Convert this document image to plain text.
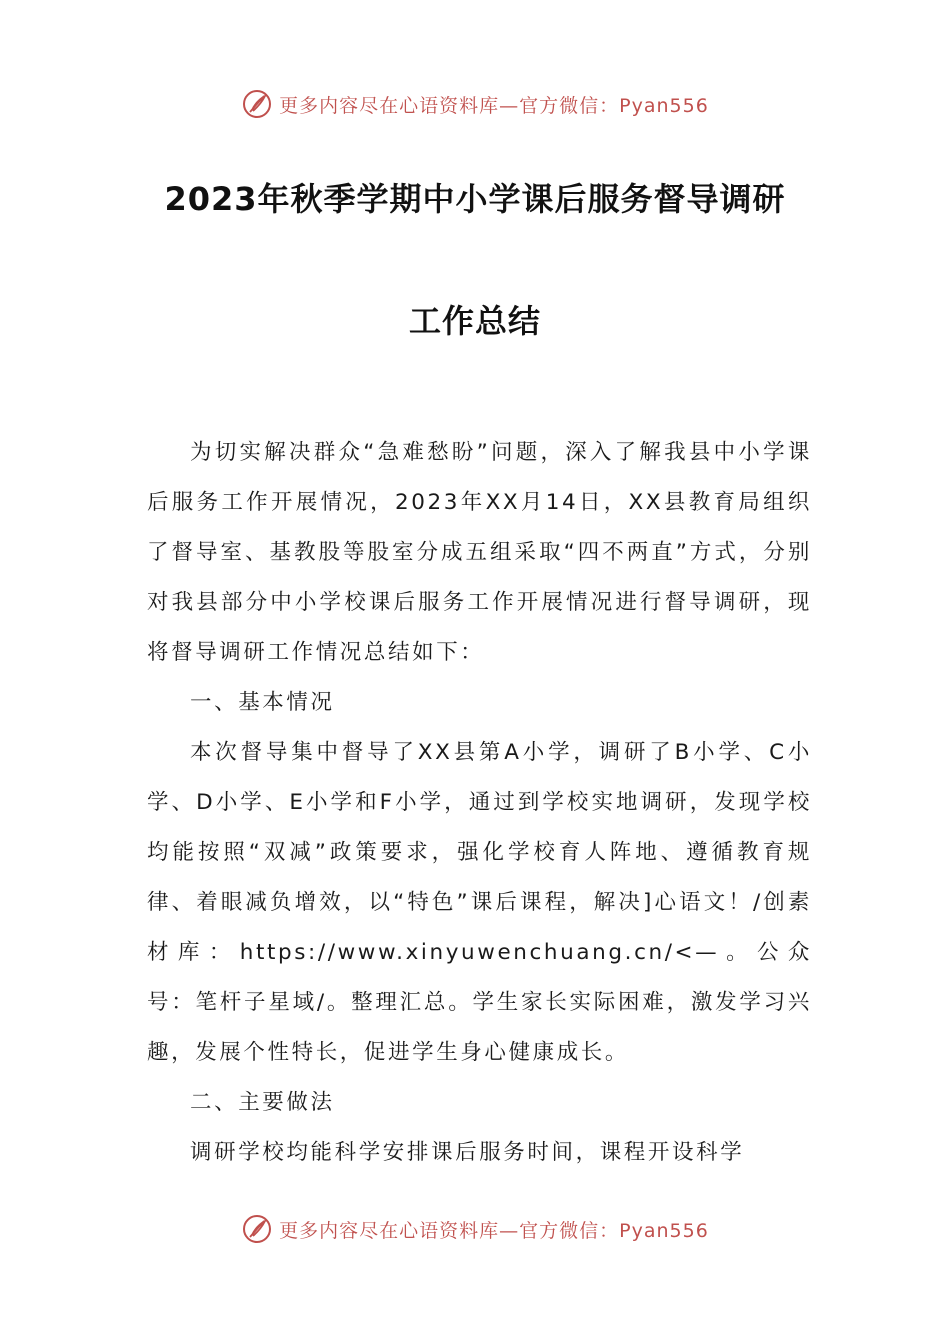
更多内容尽在心语资料库—官方微信：Pyan556
2023年秋季学期中小学课后服务督导调研
工作总结

为切实解决群众“急难愁盼”问题，深入了解我县中小学课后服务工作开展情况，2023年XX月14日，XX县教育局组织了督导室、基教股等股室分成五组采取“四不两直”方式，分别对我县部分中小学校课后服务工作开展情况进行督导调研，现将督导调研工作情况总结如下：

一、基本情况

本次督导集中督导了XX县第A小学，调研了B小学、C小学、D小学、E小学和F小学，通过到学校实地调研，发现学校均能按照“双减”政策要求，强化学校育人阵地、遵循教育规律、着眼减负增效，以“特色”课后课程，解决]心语文！/创素材库：https://www.xinyuwenchuang.cn/<—。公众号：笔杆子星域/。整理汇总。学生家长实际困难，激发学习兴趣，发展个性特长，促进学生身心健康成长。

二、主要做法

调研学校均能科学安排课后服务时间，课程开设科学

更多内容尽在心语资料库—官方微信：Pyan556
